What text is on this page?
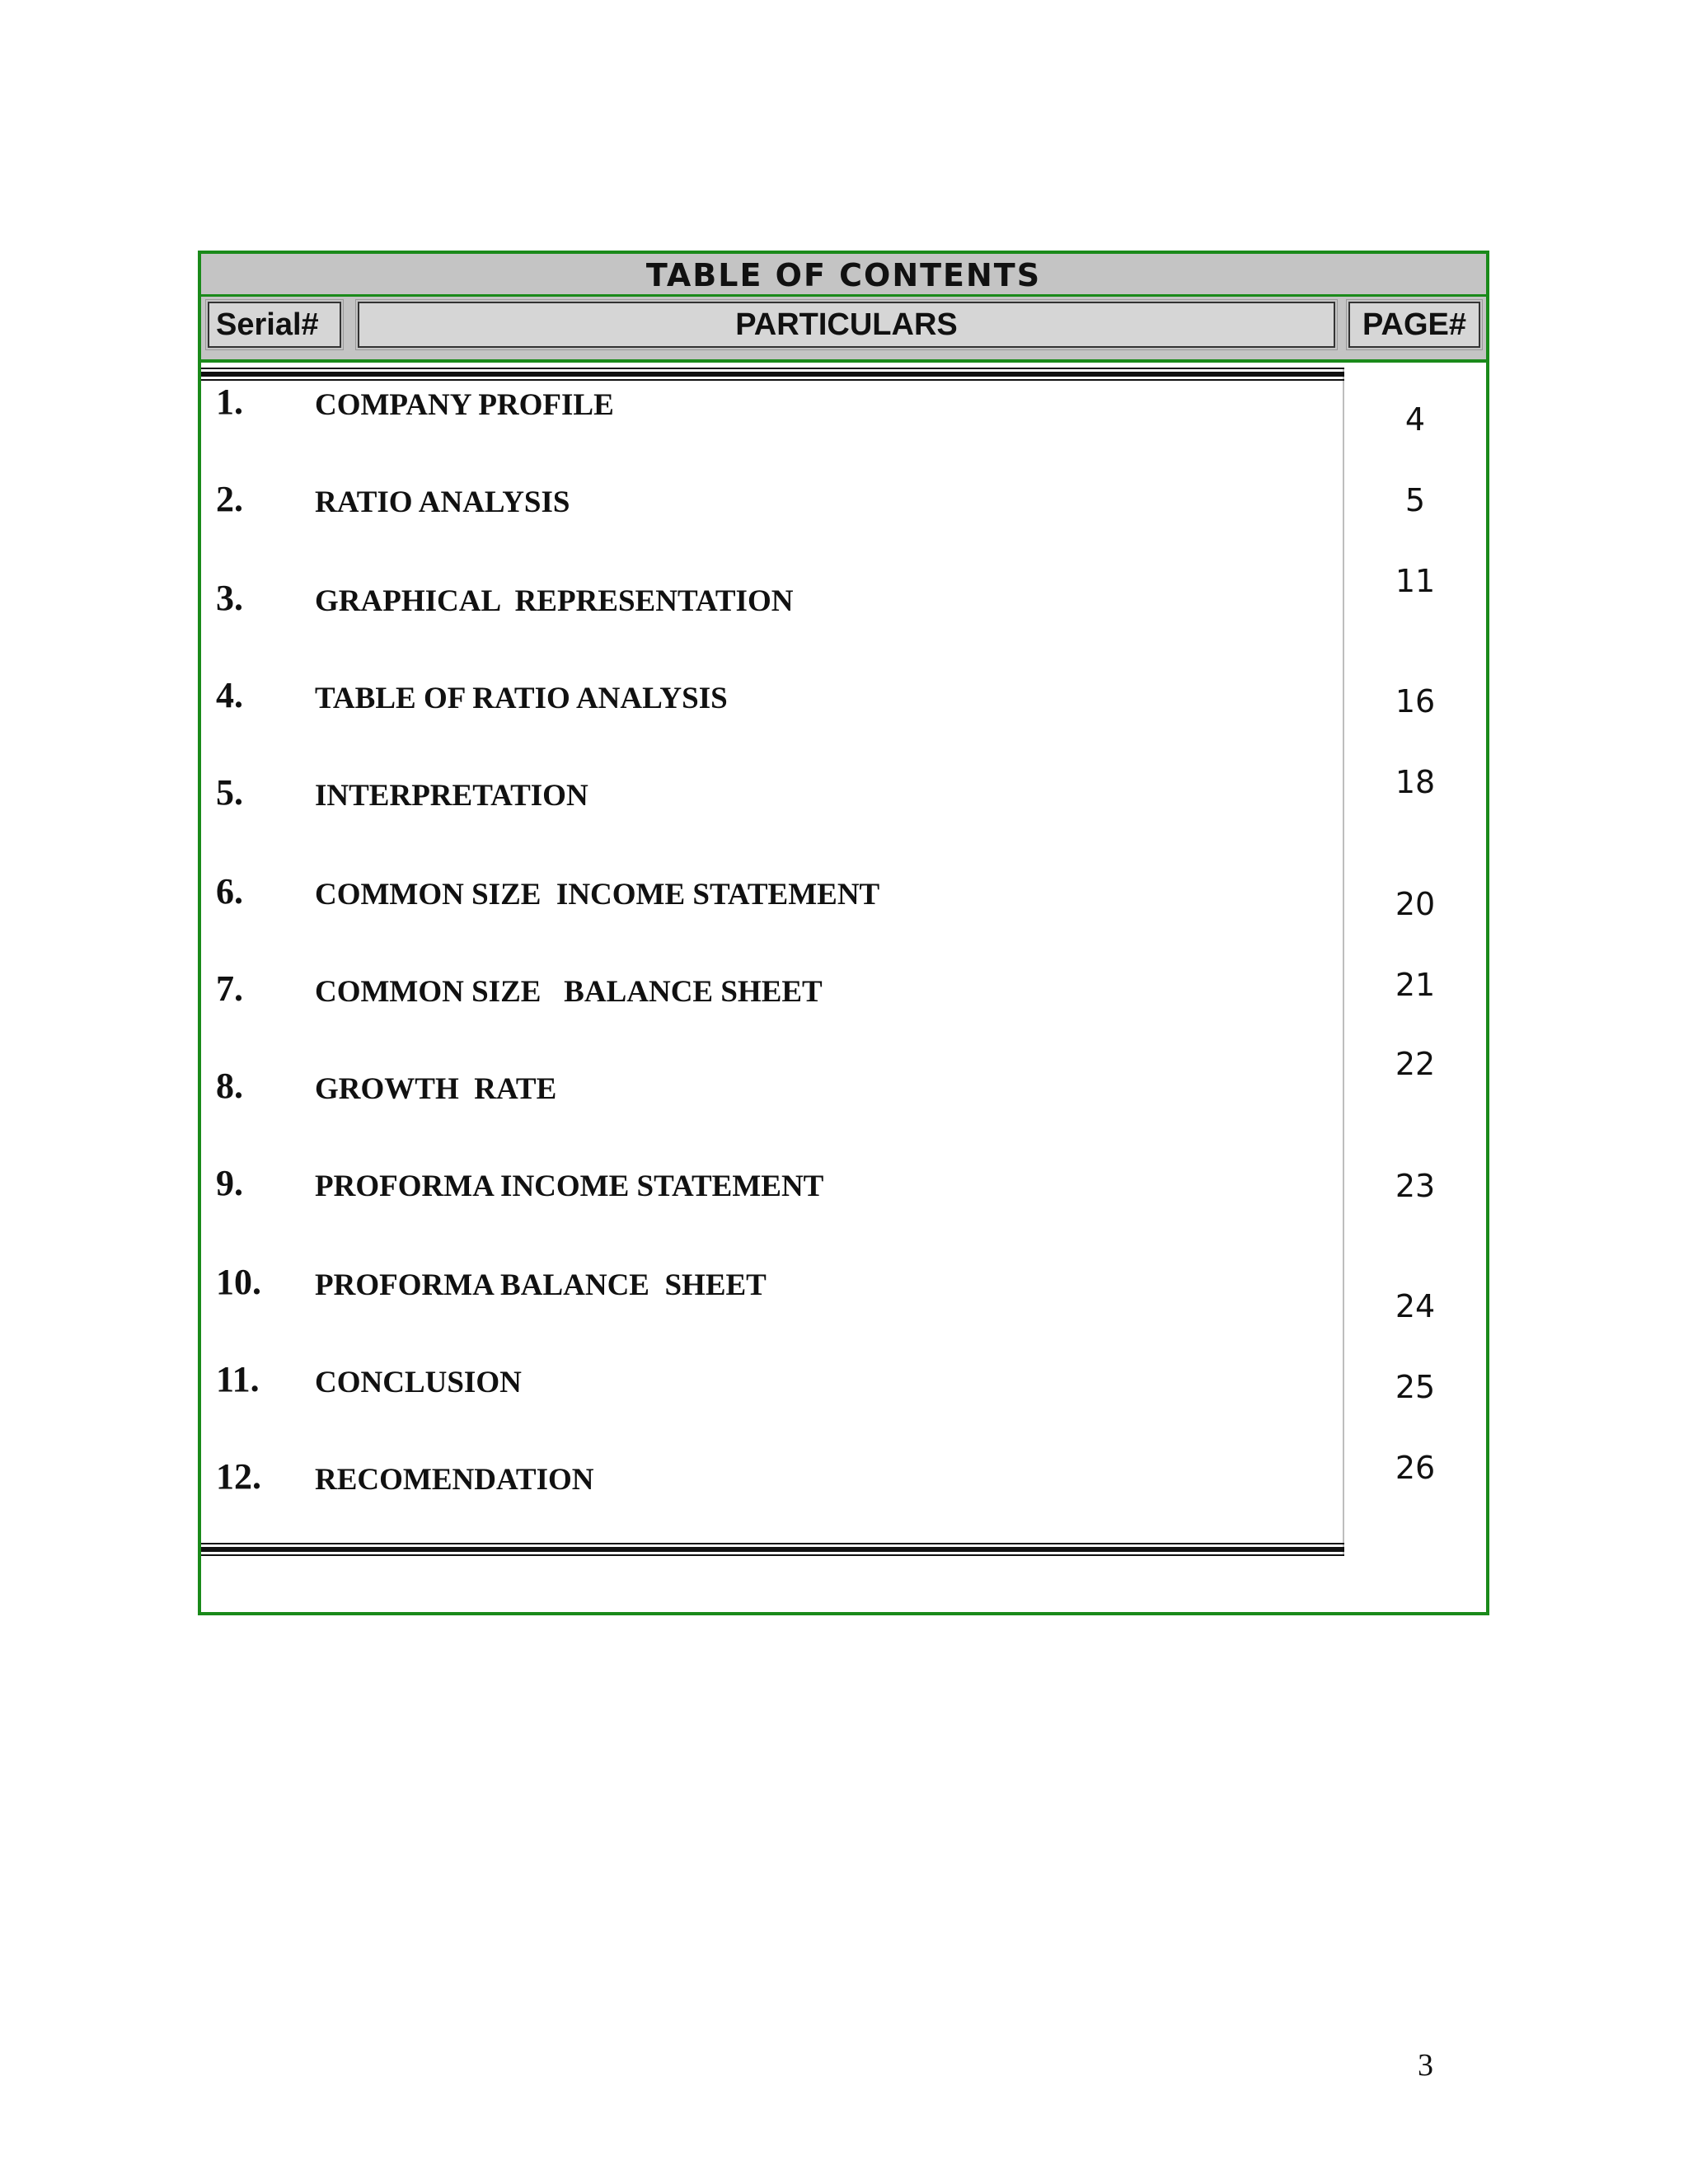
TABLE OF CONTENTS
Serial#	PARTICULARS	PAGE#
1. COMPANY PROFILE
2. RATIO ANALYSIS
3. GRAPHICAL  REPRESENTATION
4. TABLE OF RATIO ANALYSIS
5. INTERPRETATION
6. COMMON SIZE  INCOME STATEMENT
7. COMMON SIZE   BALANCE SHEET
8. GROWTH  RATE
9. PROFORMA INCOME STATEMENT
10. PROFORMA BALANCE  SHEET
11. CONCLUSION
12. RECOMENDATION
4
5
11
16
18
20
21
22
23
24
25
26
3
